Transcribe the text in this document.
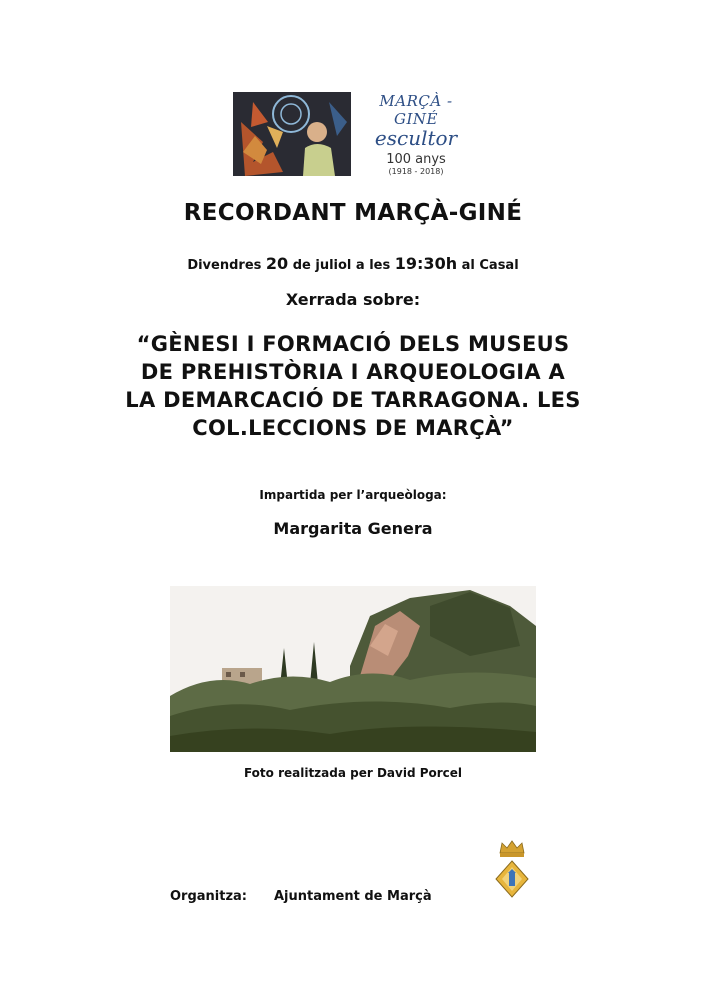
MARÇÀ - GINÉ
escultor
100 anys
(1918 - 2018)
RECORDANT MARÇÀ-GINÉ
Divendres 20 de juliol a les 19:30h al Casal
Xerrada sobre:
“GÈNESI I FORMACIÓ DELS MUSEUS
DE PREHISTÒRIA I ARQUEOLOGIA A
LA DEMARCACIÓ DE TARRAGONA. LES
COL.LECCIONS DE MARÇÀ”
Impartida per l’arqueòloga:
Margarita Genera
Foto realitzada per David Porcel
Organitza: Ajuntament de Marçà
